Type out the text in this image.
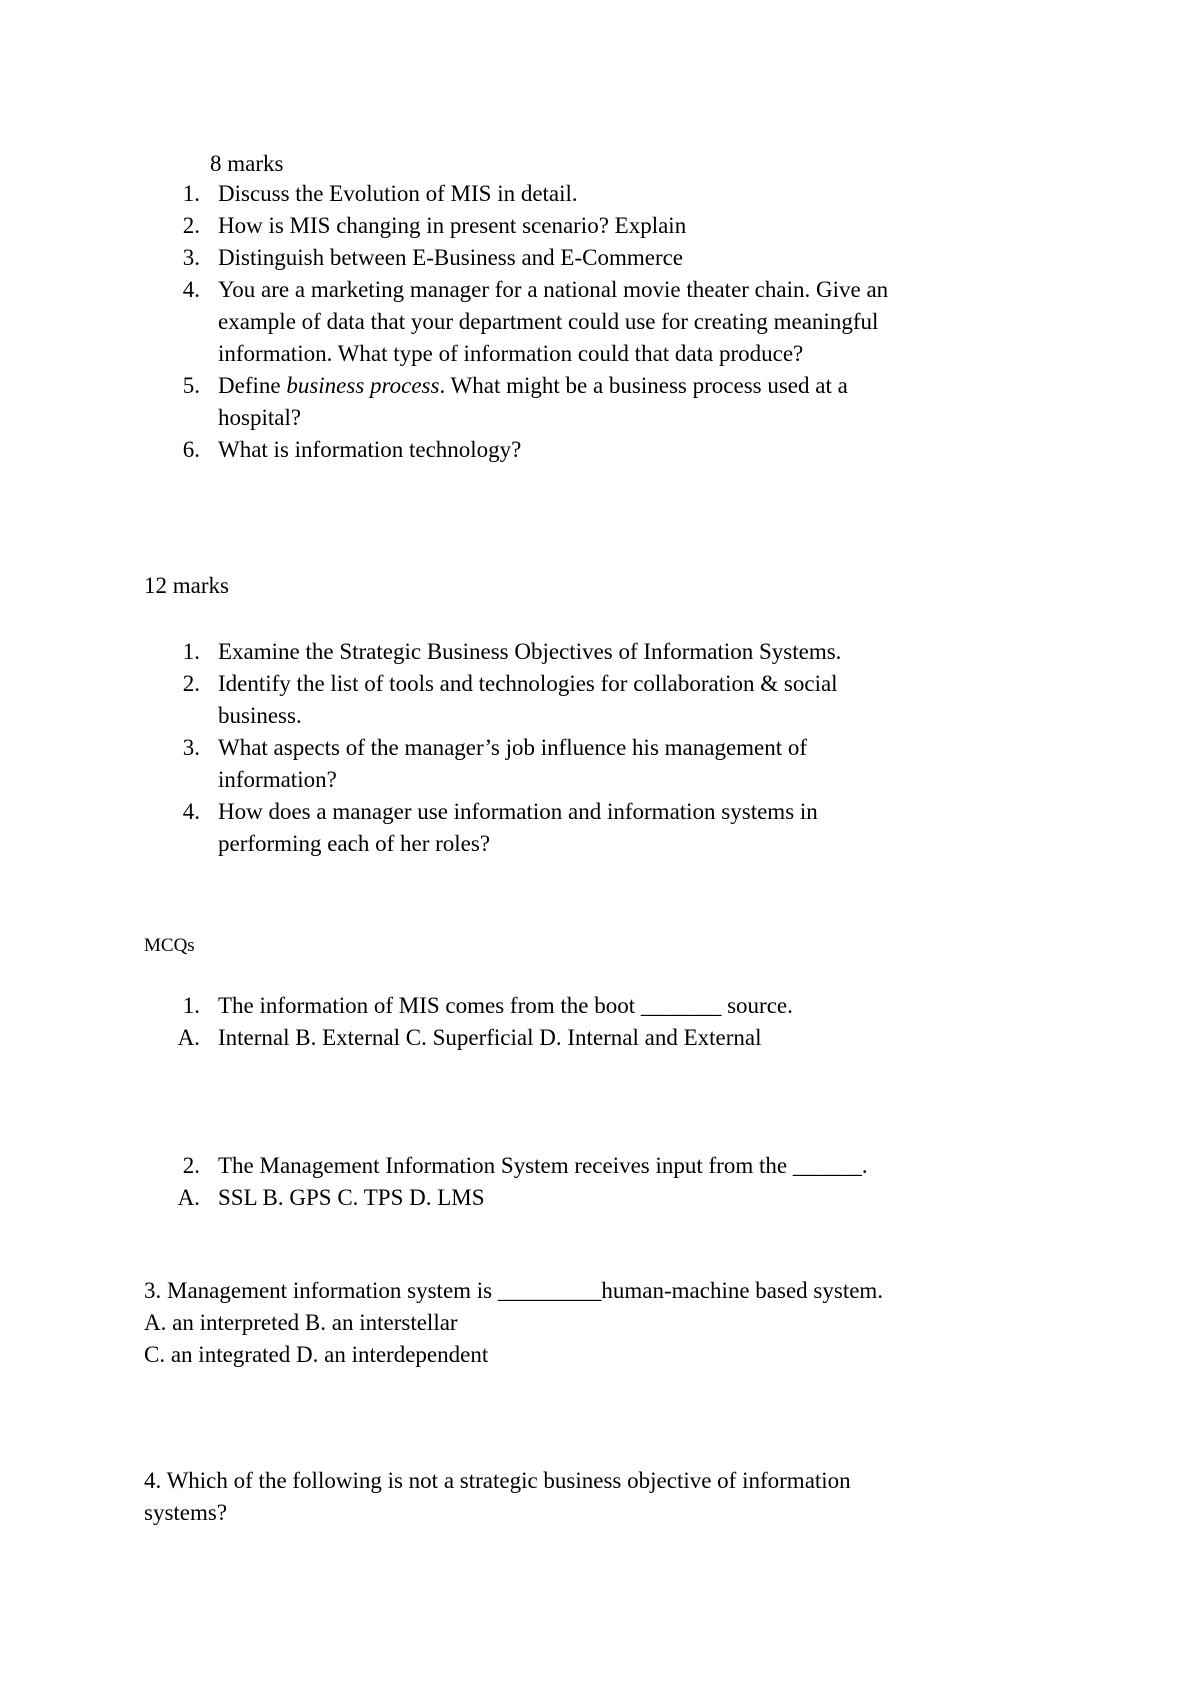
8 marks
1. Discuss the Evolution of MIS in detail.
2. How is MIS changing in present scenario? Explain
3. Distinguish between E-Business and E-Commerce
4. You are a marketing manager for a national movie theater chain. Give an
example of data that your department could use for creating meaningful
information. What type of information could that data produce?
5. Define business process. What might be a business process used at a
hospital?
6. What is information technology?
12 marks
1. Examine the Strategic Business Objectives of Information Systems.
2. Identify the list of tools and technologies for collaboration & social
business.
3. What aspects of the manager’s job influence his management of
information?
4. How does a manager use information and information systems in
performing each of her roles?
MCQs
1. The information of MIS comes from the boot _______ source.
A. Internal B. External C. Superficial D. Internal and External
2. The Management Information System receives input from the ______.
A. SSL B. GPS C. TPS D. LMS
3. Management information system is _________human-machine based system.
A. an interpreted B. an interstellar
C. an integrated D. an interdependent
4. Which of the following is not a strategic business objective of information
systems?
